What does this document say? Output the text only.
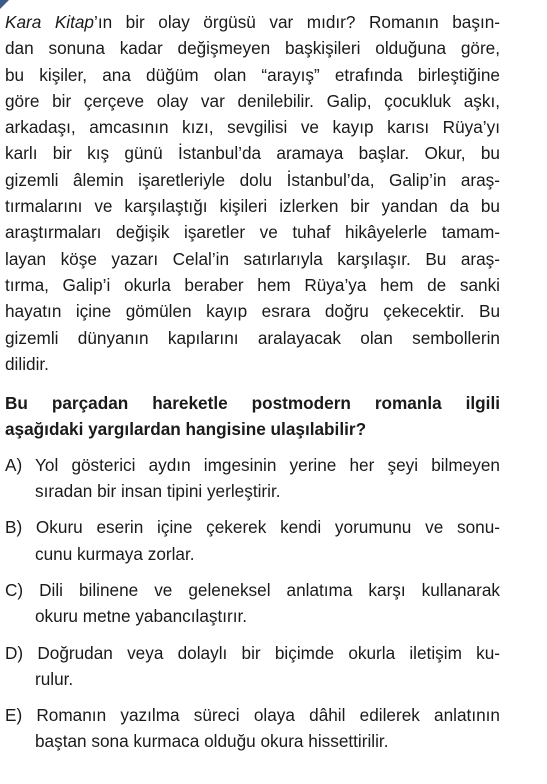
Kara Kitap’ın bir olay örgüsü var mıdır? Romanın başın-
dan sonuna kadar değişmeyen başkişileri olduğuna göre,
bu kişiler, ana düğüm olan “arayış” etrafında birleştiğine
göre bir çerçeve olay var denilebilir. Galip, çocukluk aşkı,
arkadaşı, amcasının kızı, sevgilisi ve kayıp karısı Rüya’yı
karlı bir kış günü İstanbul’da aramaya başlar. Okur, bu
gizemli âlemin işaretleriyle dolu İstanbul’da, Galip’in araş-
tırmalarını ve karşılaştığı kişileri izlerken bir yandan da bu
araştırmaları değişik işaretler ve tuhaf hikâyelerle tamam-
layan köşe yazarı Celal’in satırlarıyla karşılaşır. Bu araş-
tırma, Galip’i okurla beraber hem Rüya’ya hem de sanki
hayatın içine gömülen kayıp esrara doğru çekecektir. Bu
gizemli dünyanın kapılarını aralayacak olan sembollerin
dilidir.
Bu parçadan hareketle postmodern romanla ilgili
aşağıdaki yargılardan hangisine ulaşılabilir?
A) Yol gösterici aydın imgesinin yerine her şeyi bilmeyen
sıradan bir insan tipini yerleştirir.
B) Okuru eserin içine çekerek kendi yorumunu ve sonu-
cunu kurmaya zorlar.
C) Dili bilinene ve geleneksel anlatıma karşı kullanarak
okuru metne yabancılaştırır.
D) Doğrudan veya dolaylı bir biçimde okurla iletişim ku-
rulur.
E) Romanın yazılma süreci olaya dâhil edilerek anlatının
baştan sona kurmaca olduğu okura hissettirilir.
